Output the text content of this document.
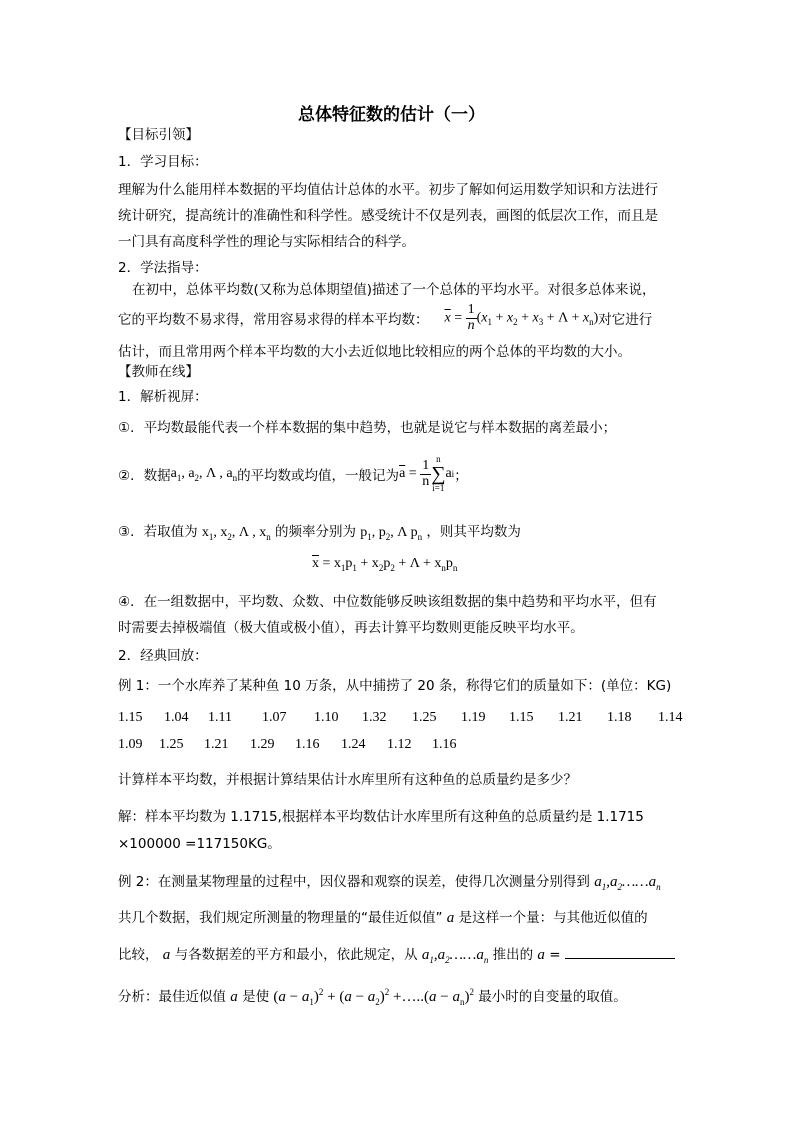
总体特征数的估计（一）
【目标引领】
1．学习目标：
理解为什么能用样本数据的平均值估计总体的水平。初步了解如何运用数学知识和方法进行
统计研究，提高统计的准确性和科学性。感受统计不仅是列表，画图的低层次工作，而且是
一门具有高度科学性的理论与实际相结合的科学。
2．学法指导：
在初中，总体平均数(又称为总体期望值)描述了一个总体的平均水平。对很多总体来说，
它的平均数不易求得，常用容易求得的样本平均数： $\overline{x} = \frac{1}{n} (x_1 + x_2 + x_3 + \Lambda + x_n)$ 对它进行
估计，而且常用两个样本平均数的大小去近似地比较相应的两个总体的平均数的大小。
【教师在线】
1．解析视屏：
①．平均数最能代表一个样本数据的集中趋势，也就是说它与样本数据的离差最小；
②．数据 $a_1$, $a_2$, Λ , $a_n$ 的平均数或均值，一般记为 $\overline{a} = \frac{1}{n}$ n
∑
i=1
a i ；
③．若取值为 $x_1$, $x_2$, Λ , $x_n$ 的频率分别为 $p_1$, $p_2$, Λ $p_n$ ，则其平均数为
$\overline{x} = x_1p_1 + x_2p_2 + \Lambda + x_np_n$
④．在一组数据中，平均数、众数、中位数能够反映该组数据的集中趋势和平均水平，但有
时需要去掉极端值（极大值或极小值），再去计算平均数则更能反映平均水平。
2．经典回放：
例 1：一个水库养了某种鱼 10 万条，从中捕捞了 20 条，称得它们的质量如下：(单位：KG)
1.15 1.04 1.11 1.07 1.10 1.32 1.25 1.19 1.15 1.21 1.18 1.14
1.09 1.25 1.21 1.29 1.16 1.24 1.12 1.16
计算样本平均数，并根据计算结果估计水库里所有这种鱼的总质量约是多少？
解：样本平均数为 1.1715,根据样本平均数估计水库里所有这种鱼的总质量约是 1.1715
×100000 =117150KG。
例 2：在测量某物理量的过程中，因仪器和观察的误差，使得几次测量分别得到 $a_1,a_2\dots\dots a_n$
共几个数据，我们规定所测量的物理量的“最佳近似值” a 是这样一个量：与其他近似值的
比较， a 与各数据差的平方和最小，依此规定，从 $a_1,a_2\dots\dots a_n$ 推出的 a =
分析：最佳近似值 a 是使 $(a - a_1)^2 + (a - a_2)^2$ +…..(a − $a_n)^2$ 最小时的自变量的取值。
